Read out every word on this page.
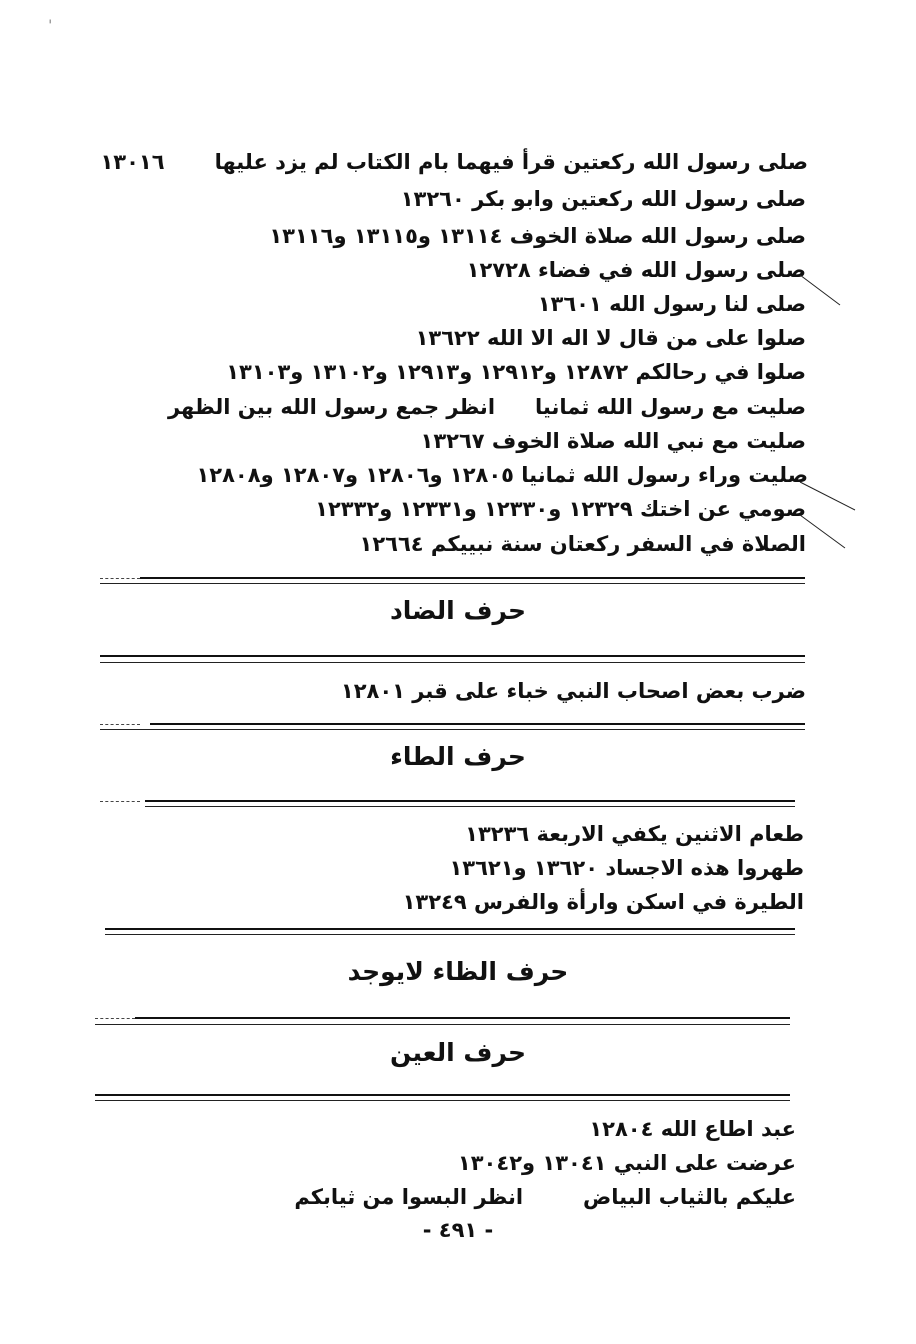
'
صلى رسول الله ركعتين قرأ فيهما بام الكتاب لم يزد عليها١٣٠١٦
صلى رسول الله ركعتين وابو بكر ١٣٢٦٠
صلى رسول الله صلاة الخوف ١٣١١٤ و١٣١١٥ و١٣١١٦
صلى رسول الله في فضاء ١٢٧٢٨
صلى لنا رسول الله ١٣٦٠١
صلوا على من قال لا اله الا الله ١٣٦٢٢
صلوا في رحالكم ١٢٨٧٢ و١٢٩١٢ و١٢٩١٣ و١٣١٠٢ و١٣١٠٣
صليت مع رسول الله ثمانياانظر جمع رسول الله بين الظهر
صليت مع نبي الله صلاة الخوف ١٣٢٦٧
صليت وراء رسول الله ثمانيا ١٢٨٠٥ و١٢٨٠٦ و١٢٨٠٧ و١٢٨٠٨
صومي عن اختك ١٢٣٢٩ و١٢٣٣٠ و١٢٣٣١ و١٢٣٣٢
الصلاة في السفر ركعتان سنة نبييكم ١٢٦٦٤
حرف الضاد
ضرب بعض اصحاب النبي خباء على قبر ١٢٨٠١
حرف الطاء
طعام الاثنين يكفي الاربعة ١٣٢٣٦
طهروا هذه الاجساد ١٣٦٢٠ و١٣٦٢١
الطيرة في اسكن وارأة والفرس ١٣٢٤٩
حرف الظاء لايوجد
حرف العين
عبد اطاع الله ١٢٨٠٤
عرضت على النبي ١٣٠٤١ و١٣٠٤٢
عليكم بالثياب البياضانظر البسوا من ثيابكم
- ٤٩١ -
